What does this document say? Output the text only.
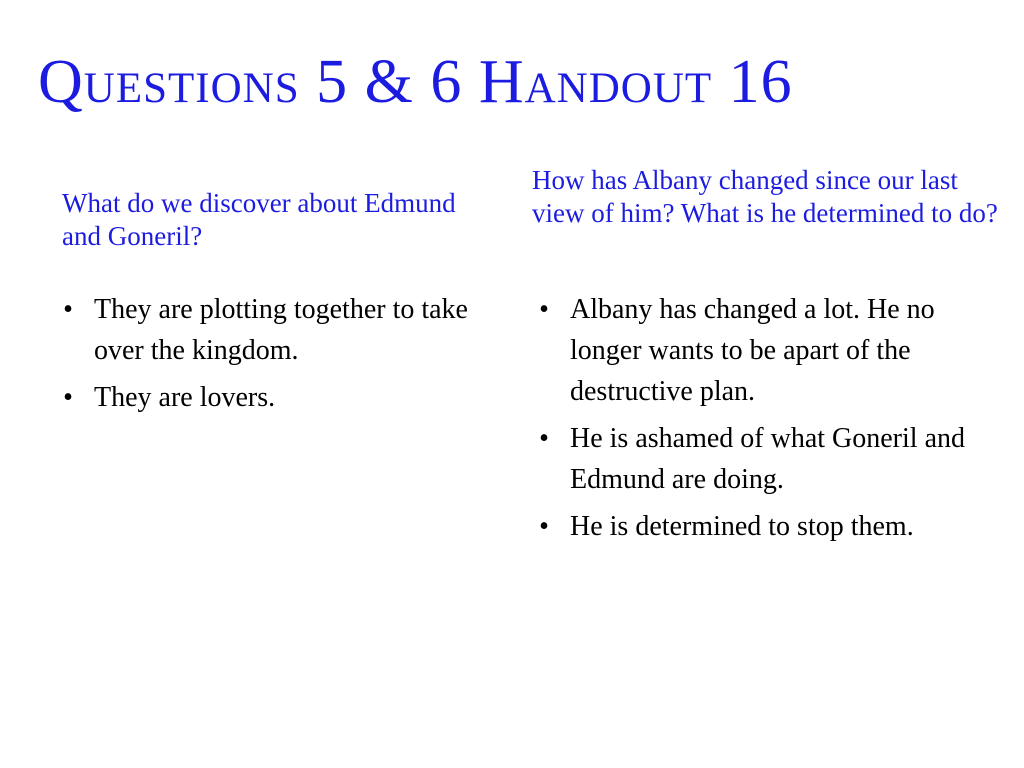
Questions 5 & 6 Handout 16
What do we discover about Edmund and Goneril?
• They are plotting together to take over the kingdom.
• They are lovers.
How has Albany changed since our last view of him? What is he determined to do?
• Albany has changed a lot. He no longer wants to be apart of the destructive plan.
• He is ashamed of what Goneril and Edmund are doing.
• He is determined to stop them.
